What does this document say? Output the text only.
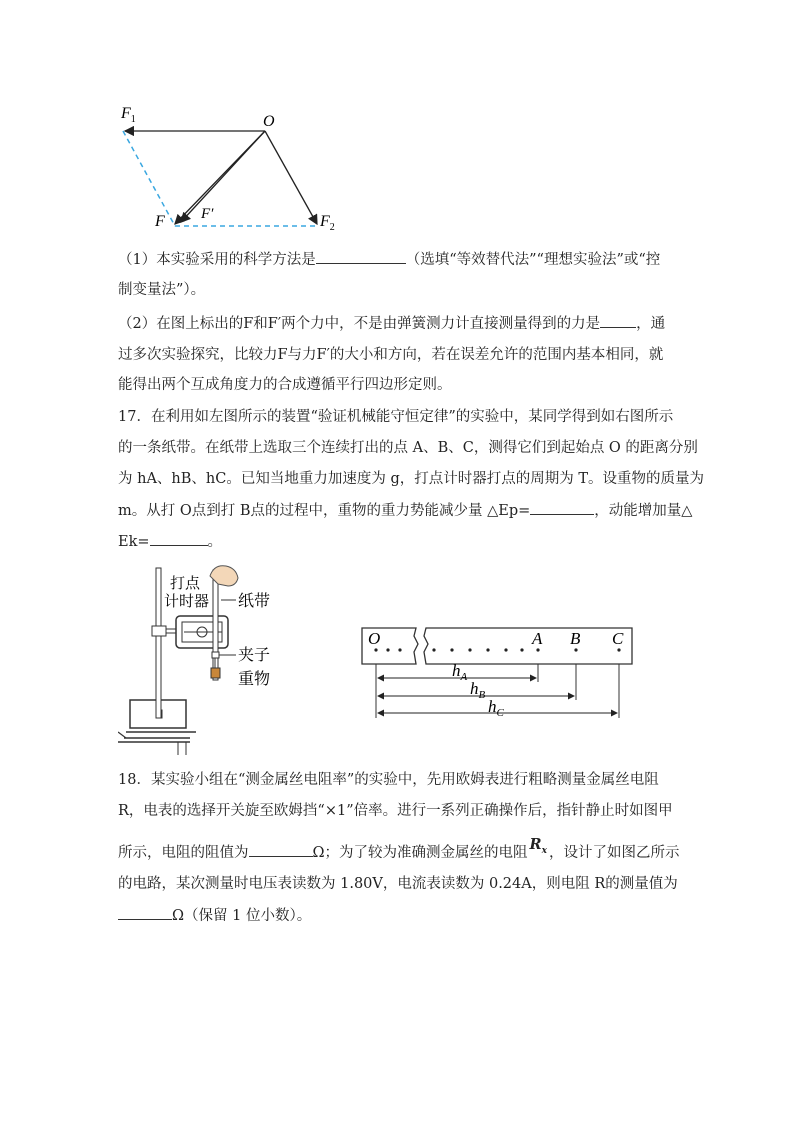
$F_1$	O
F F′	$F_2$
（1）本实验采用的科学方法是	（选填“等效替代法”“理想实验法”或“控
制变量法”）。
（2）在图上标出的F和F′两个力中，不是由弹簧测力计直接测量得到的力是 ，通
过多次实验探究，比较力F与力F′的大小和方向，若在误差允许的范围内基本相同，就
能得出两个互成角度力的合成遵循平行四边形定则。
17．在利用如左图所示的装置“验证机械能守恒定律”的实验中，某同学得到如右图所示
的一条纸带。在纸带上选取三个连续打出的点 A、B、C，测得它们到起始点 O 的距离分别
为 hA、hB、hC。已知当地重力加速度为 g，打点计时器打点的周期为 T。设重物的质量为
m。从打 O点到打 B点的过程中，重物的重力势能减少量 △Ep=	，动能增加量△
Ek=	。
打点
计时器 纸带
夹子
重物
O	A B C
$h_A$
$h_B$
$h_C$
18．某实验小组在“测金属丝电阻率”的实验中，先用欧姆表进行粗略测量金属丝电阻
R，电表的选择开关旋至欧姆挡“×1”倍率。进行一系列正确操作后，指针静止时如图甲
所示，电阻的阻值为	Ω；为了较为准确测金属丝的电阻 $R_x$ ，设计了如图乙所示
的电路，某次测量时电压表读数为 1.80V，电流表读数为 0.24A，则电阻 R的测量值为
Ω（保留 1 位小数）。
